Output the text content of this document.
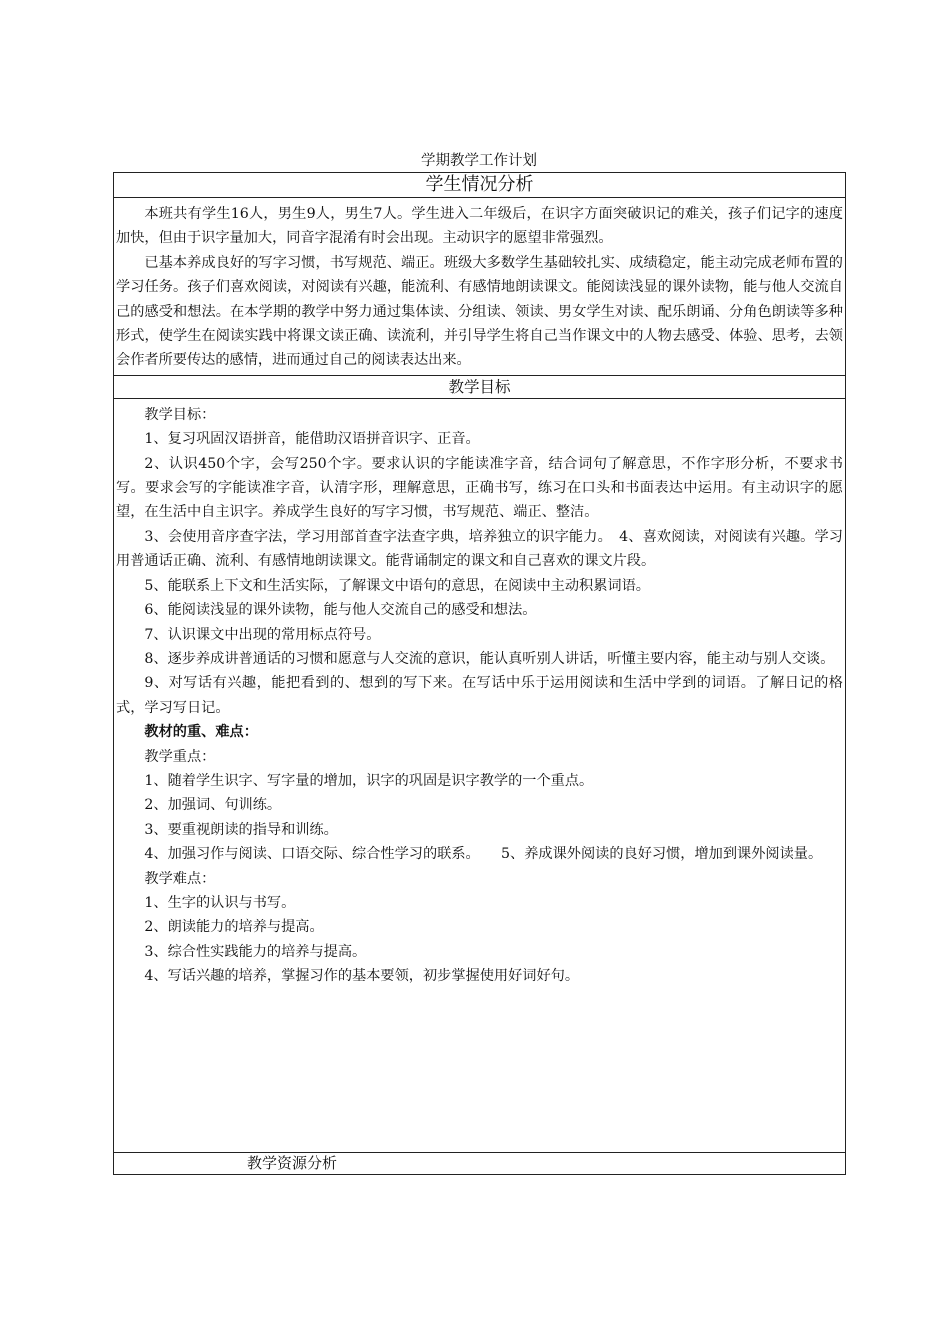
学期教学工作计划
学生情况分析

本班共有学生16人，男生9人，男生7人。学生进入二年级后，在识字方面突破识记的难关，孩子们记字的速度加快，但由于识字量加大，同音字混淆有时会出现。主动识字的愿望非常强烈。

已基本养成良好的写字习惯，书写规范、端正。班级大多数学生基础较扎实、成绩稳定，能主动完成老师布置的学习任务。孩子们喜欢阅读，对阅读有兴趣，能流利、有感情地朗读课文。能阅读浅显的课外读物，能与他人交流自己的感受和想法。在本学期的教学中努力通过集体读、分组读、领读、男女学生对读、配乐朗诵、分角色朗读等多种形式，使学生在阅读实践中将课文读正确、读流利，并引导学生将自己当作课文中的人物去感受、体验、思考，去领会作者所要传达的感情，进而通过自己的阅读表达出来。

教学目标

教学目标：

1、复习巩固汉语拼音，能借助汉语拼音识字、正音。

2、认识450个字，会写250个字。要求认识的字能读准字音，结合词句了解意思，不作字形分析，不要求书写。要求会写的字能读准字音，认清字形，理解意思，正确书写，练习在口头和书面表达中运用。有主动识字的愿望，在生活中自主识字。养成学生良好的写字习惯，书写规范、端正、整洁。

3、会使用音序查字法，学习用部首查字法查字典，培养独立的识字能力。　4、喜欢阅读，对阅读有兴趣。学习用普通话正确、流利、有感情地朗读课文。能背诵制定的课文和自己喜欢的课文片段。

5、能联系上下文和生活实际，了解课文中语句的意思，在阅读中主动积累词语。

6、能阅读浅显的课外读物，能与他人交流自己的感受和想法。

7、认识课文中出现的常用标点符号。

8、逐步养成讲普通话的习惯和愿意与人交流的意识，能认真听别人讲话，听懂主要内容，能主动与别人交谈。

9、对写话有兴趣，能把看到的、想到的写下来。在写话中乐于运用阅读和生活中学到的词语。了解日记的格式，学习写日记。

教材的重、难点：

教学重点：

1、随着学生识字、写字量的增加，识字的巩固是识字教学的一个重点。

2、加强词、句训练。

3、要重视朗读的指导和训练。

4、加强习作与阅读、口语交际、综合性学习的联系。　　5、养成课外阅读的良好习惯，增加到课外阅读量。

教学难点：

1、生字的认识与书写。

2、朗读能力的培养与提高。

3、综合性实践能力的培养与提高。

4、写话兴趣的培养，掌握习作的基本要领，初步掌握使用好词好句。

教学资源分析
